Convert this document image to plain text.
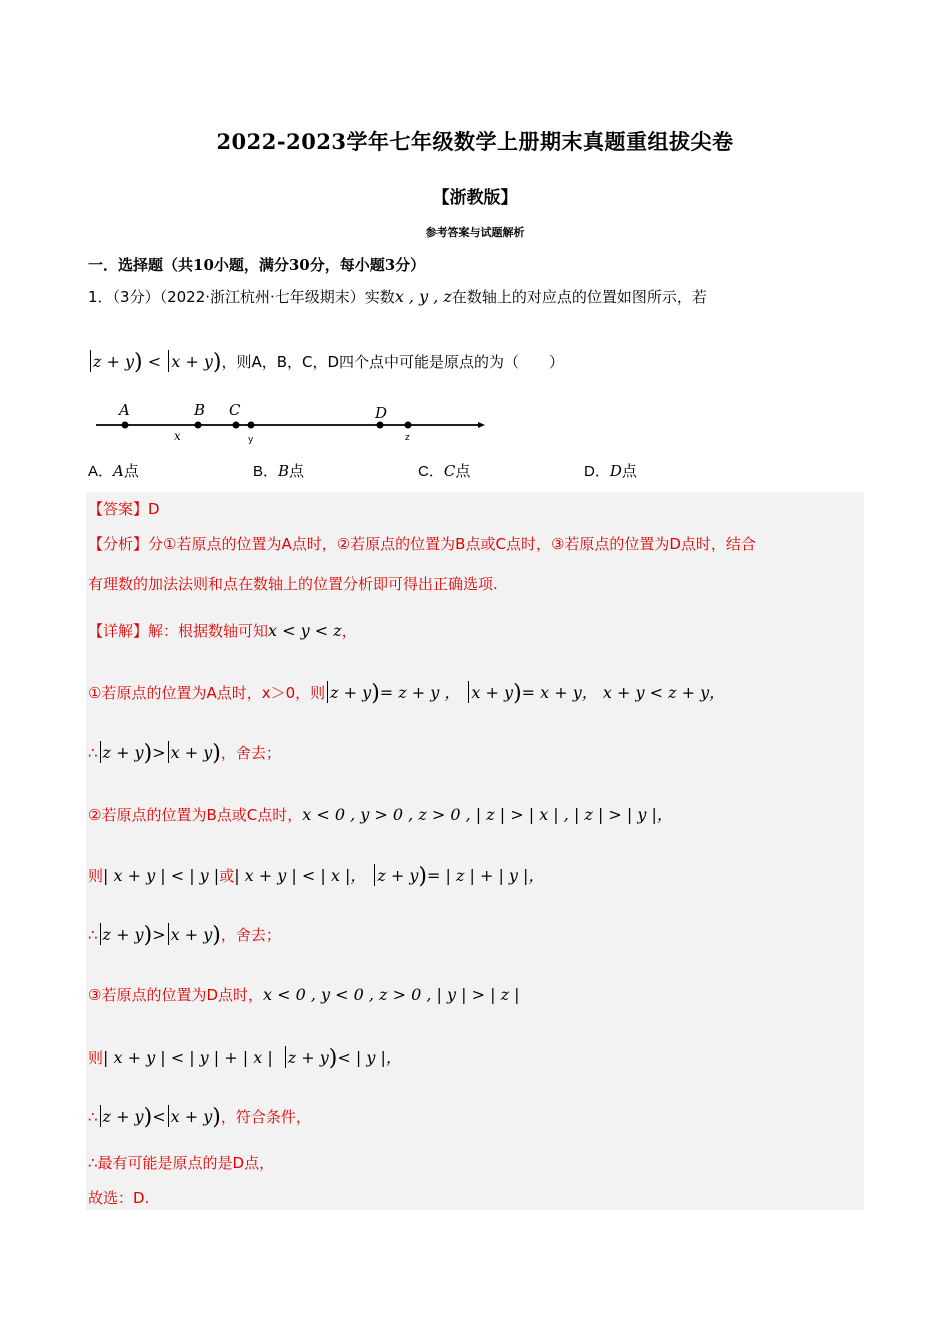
2022-2023学年七年级数学上册期末真题重组拔尖卷
【浙教版】
参考答案与试题解析
一．选择题（共10小题，满分30分，每小题3分）
1．（3分）（2022·浙江杭州·七年级期末）实数x , y , z在数轴上的对应点的位置如图所示，若
z + y) < x + y)，则A，B，C，D四个点中可能是原点的为（　　）
A	B C	D
x	y	z
A．A点	B．B点	C．C点	D．D点
【答案】D
【分析】分①若原点的位置为A点时，②若原点的位置为B点或C点时，③若原点的位置为D点时，结合
有理数的加法法则和点在数轴上的位置分析即可得出正确选项.
【详解】解：根据数轴可知x < y < z，
①若原点的位置为A点时，x＞0，则 z + y)= z + y ， x + y)= x + y， x + y < z + y，
∴ z + y)> x + y)，舍去；
②若原点的位置为B点或C点时，x < 0 , y > 0 , z > 0 , | z | > | x | , | z | > | y |，
则| x + y | < | y |或| x + y | < | x |， z + y)= | z | + | y |，
∴ z + y)> x + y)，舍去；
③若原点的位置为D点时，x < 0 , y < 0 , z > 0 , | y | > | z |
则| x + y | < | y | + | x | z + y)< | y |，
∴ z + y)< x + y)，符合条件，
∴最有可能是原点的是D点，
故选：D.
